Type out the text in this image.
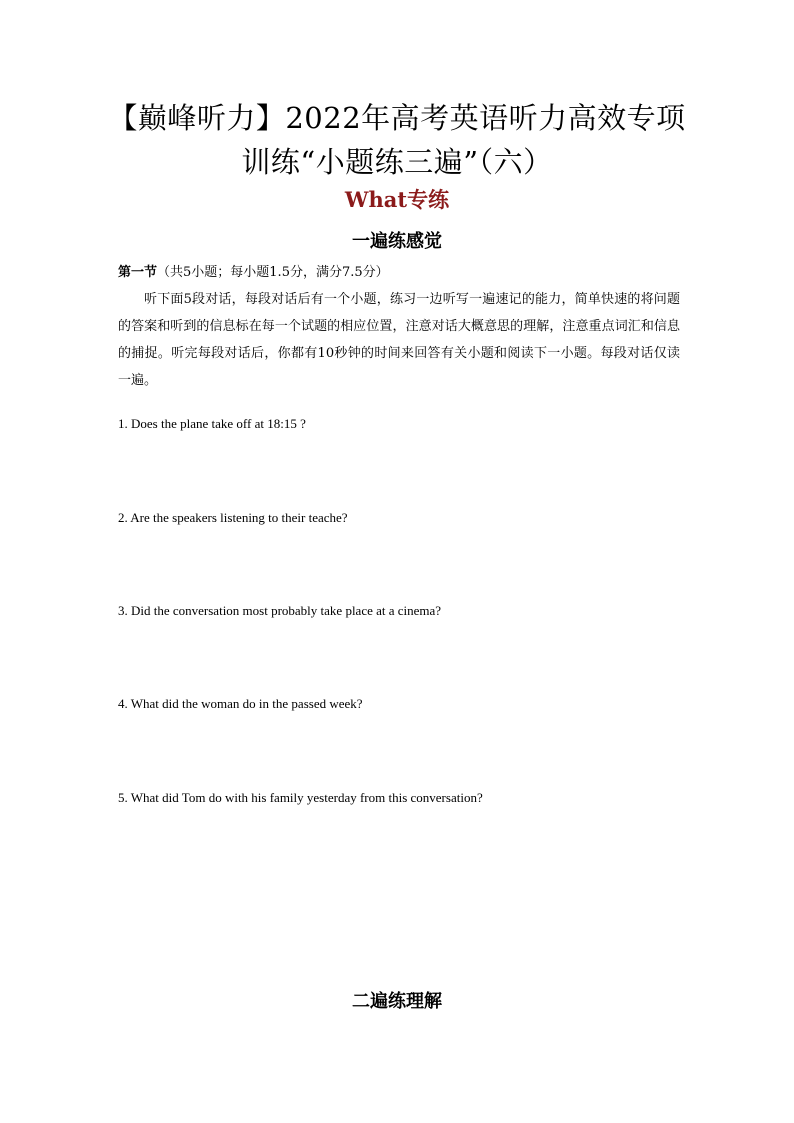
【巅峰听力】2022年高考英语听力高效专项
训练“小题练三遍”（六）
What专练
一遍练感觉
第一节（共5小题；每小题1.5分，满分7.5分）

听下面5段对话，每段对话后有一个小题，练习一边听写一遍速记的能力，简单快速的将问题的答案和听到的信息标在每一个试题的相应位置，注意对话大概意思的理解，注意重点词汇和信息的捕捉。听完每段对话后，你都有10秒钟的时间来回答有关小题和阅读下一小题。每段对话仅读一遍。

1. Does the plane take off at 18:15 ?
2. Are the speakers listening to their teache?
3. Did the conversation most probably take place at a cinema?
4. What did the woman do in the passed week?
5. What did Tom do with his family yesterday from this conversation?
二遍练理解
